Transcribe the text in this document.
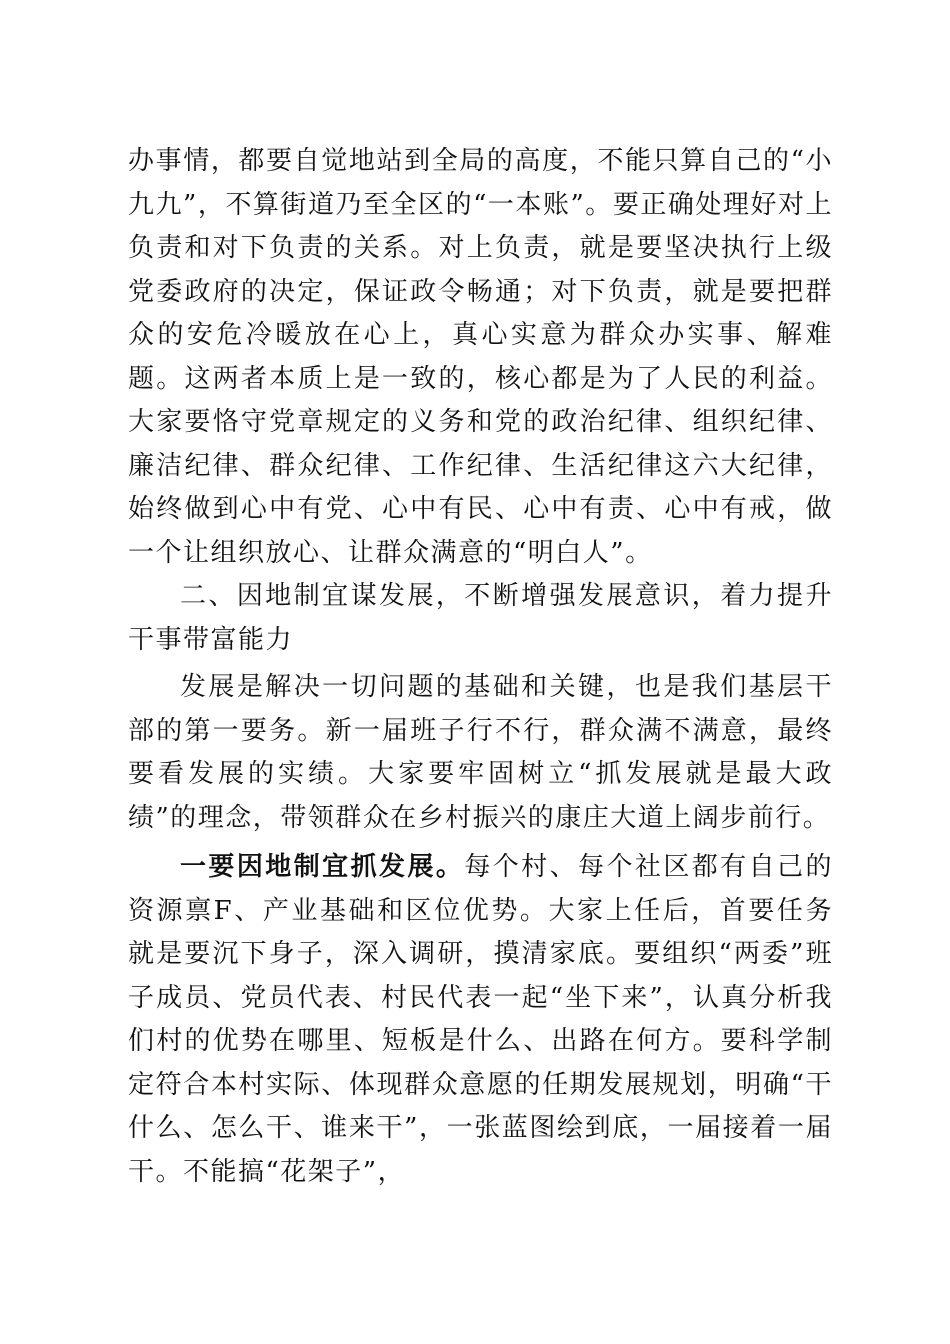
办事情，都要自觉地站到全局的高度，不能只算自己的“小九九”，不算街道乃至全区的“一本账”。要正确处理好对上负责和对下负责的关系。对上负责，就是要坚决执行上级党委政府的决定，保证政令畅通；对下负责，就是要把群众的安危冷暖放在心上，真心实意为群众办实事、解难题。这两者本质上是一致的，核心都是为了人民的利益。大家要恪守党章规定的义务和党的政治纪律、组织纪律、廉洁纪律、群众纪律、工作纪律、生活纪律这六大纪律，始终做到心中有党、心中有民、心中有责、心中有戒，做一个让组织放心、让群众满意的“明白人”。

二、因地制宜谋发展，不断增强发展意识，着力提升干事带富能力

发展是解决一切问题的基础和关键，也是我们基层干部的第一要务。新一届班子行不行，群众满不满意，最终要看发展的实绩。大家要牢固树立“抓发展就是最大政绩”的理念，带领群众在乡村振兴的康庄大道上阔步前行。

一要因地制宜抓发展。每个村、每个社区都有自己的资源禀F、产业基础和区位优势。大家上任后，首要任务就是要沉下身子，深入调研，摸清家底。要组织“两委”班子成员、党员代表、村民代表一起“坐下来”，认真分析我们村的优势在哪里、短板是什么、出路在何方。要科学制定符合本村实际、体现群众意愿的任期发展规划，明确“干什么、怎么干、谁来干”，一张蓝图绘到底，一届接着一届干。不能搞“花架子”，
